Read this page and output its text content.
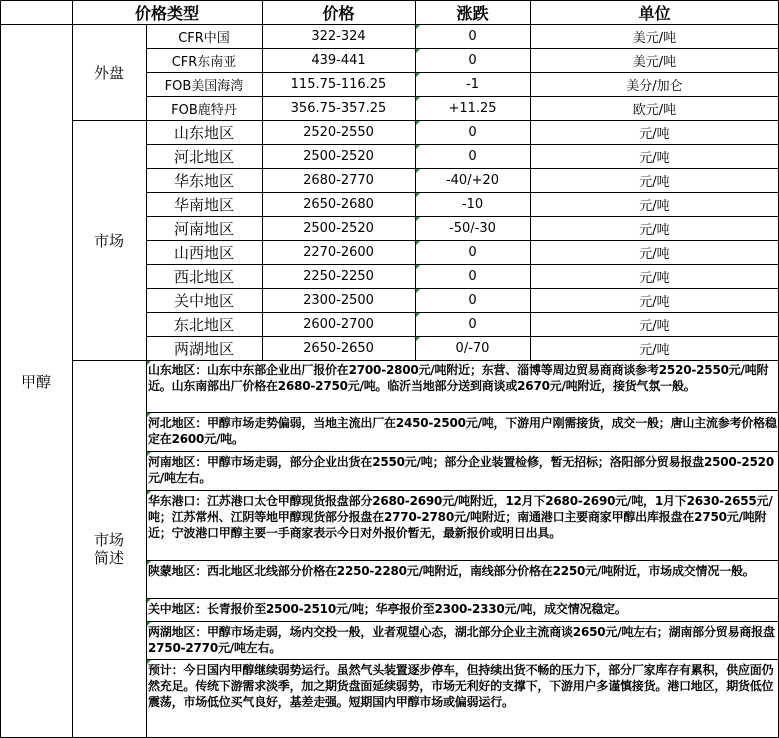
价格类型	价格	涨跌	单位
甲醇
外盘
市场
市场
简述
CFR中国	322-324	0	美元/吨
CFR东南亚	439-441	0	美元/吨
FOB美国海湾	115.75-116.25	-1	美分/加仑
FOB鹿特丹	356.75-357.25	+11.25	欧元/吨
山东地区	2520-2550	0	元/吨
河北地区	2500-2520	0	元/吨
华东地区	2680-2770	-40/+20	元/吨
华南地区	2650-2680	-10	元/吨
河南地区	2500-2520	-50/-30	元/吨
山西地区	2270-2600	0	元/吨
西北地区	2250-2250	0	元/吨
关中地区	2300-2500	0	元/吨
东北地区	2600-2700	0	元/吨
两湖地区	2650-2650	0/-70	元/吨
山东地区：山东中东部企业出厂报价在2700-2800元/吨附近；东营、淄博等周边贸易商商谈参考2520-2550元/吨附近。山东南部出厂价格在2680-2750元/吨。临沂当地部分送到商谈或2670元/吨附近，接货气氛一般。
河北地区：甲醇市场走势偏弱，当地主流出厂在2450-2500元/吨，下游用户刚需接货，成交一般；唐山主流参考价格稳定在2600元/吨。
河南地区：甲醇市场走弱，部分企业出货在2550元/吨；部分企业装置检修，暂无招标；洛阳部分贸易报盘2500-2520元/吨左右。
华东港口：江苏港口太仓甲醇现货报盘部分2680-2690元/吨附近，12月下2680-2690元/吨，1月下2630-2655元/吨；江苏常州、江阴等地甲醇现货部分报盘在2770-2780元/吨附近；南通港口主要商家甲醇出库报盘在2750元/吨附近；宁波港口甲醇主要一手商家表示今日对外报价暂无，最新报价或明日出具。
陕蒙地区：西北地区北线部分价格在2250-2280元/吨附近，南线部分价格在2250元/吨附近，市场成交情况一般。
关中地区：长青报价至2500-2510元/吨；华亭报价至2300-2330元/吨，成交情况稳定。
两湖地区：甲醇市场走弱，场内交投一般，业者观望心态，湖北部分企业主流商谈2650元/吨左右；湖南部分贸易商报盘2750-2770元/吨左右。
预计：今日国内甲醇继续弱势运行。虽然气头装置逐步停车，但持续出货不畅的压力下，部分厂家库存有累积，供应面仍然充足。传统下游需求淡季，加之期货盘面延续弱势，市场无利好的支撑下，下游用户多谨慎接货。港口地区，期货低位震荡，市场低位买气良好，基差走强。短期国内甲醇市场或偏弱运行。
